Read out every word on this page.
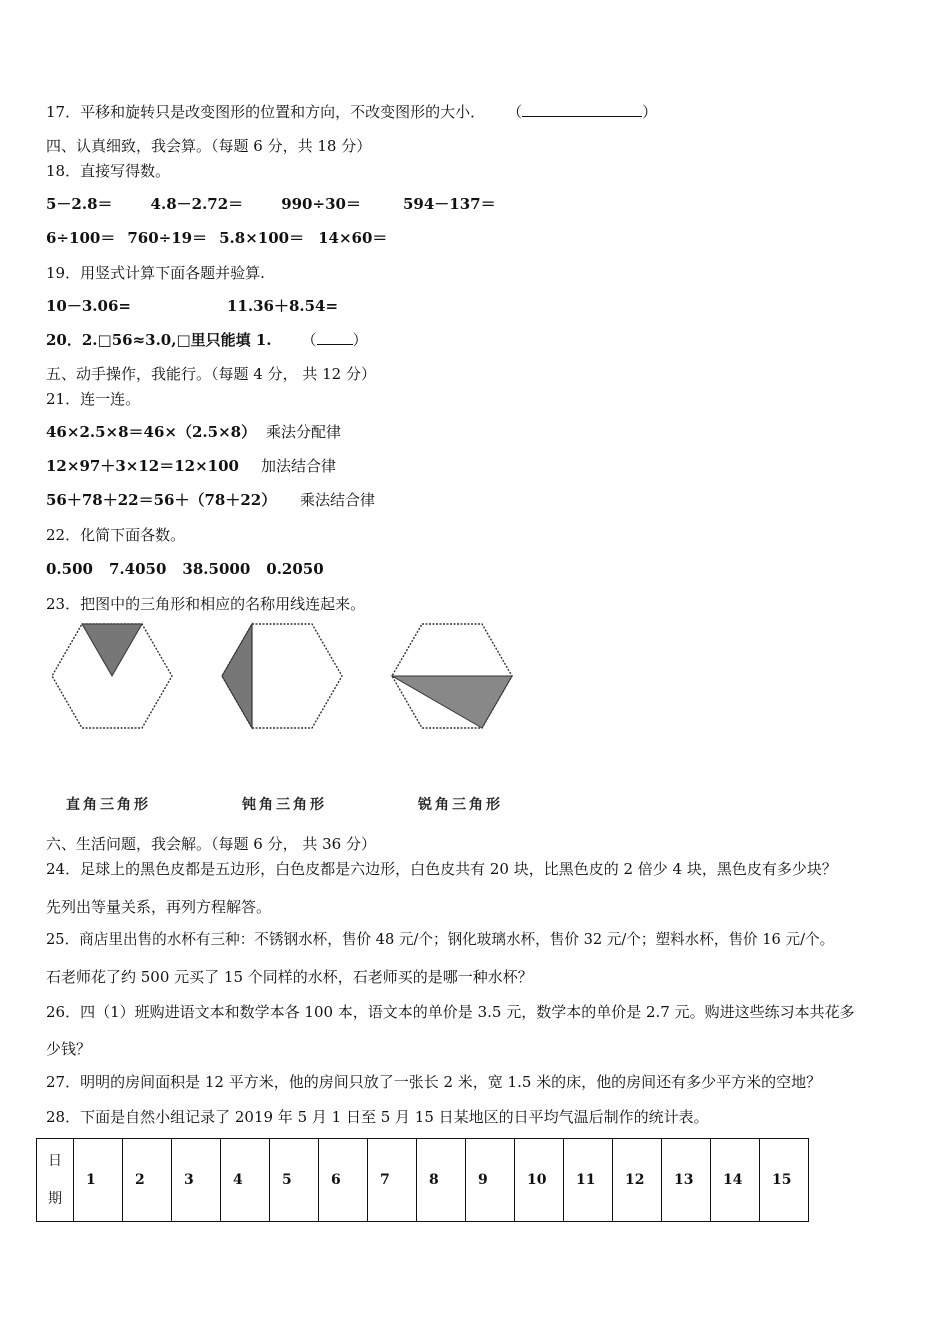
17．平移和旋转只是改变图形的位置和方向，不改变图形的大小． （	）
四、认真细致，我会算。（每题 6 分，共 18 分）
18．直接写得数。
5－2.8＝	4.8－2.72＝	990÷30＝	594－137＝
6÷100＝ 760÷19＝ 5.8×100＝ 14×60＝
19．用竖式计算下面各题并验算.
10－3.06=	11.36＋8.54=
20．2.□56≈3.0,□里只能填 1. （ ）
五、动手操作，我能行。（每题 4 分， 共 12 分）
21．连一连。
46×2.5×8＝46×（2.5×8） 乘法分配律
12×97＋3×12＝12×100 加法结合律
56＋78＋22＝56＋（78＋22） 乘法结合律
22．化简下面各数。
0.500 7.4050 38.5000 0.2050
23．把图中的三角形和相应的名称用线连起来。
直角三角形	钝角三角形	锐角三角形
六、生活问题，我会解。（每题 6 分， 共 36 分）
24．足球上的黑色皮都是五边形，白色皮都是六边形，白色皮共有 20 块，比黑色皮的 2 倍少 4 块，黑色皮有多少块？
先列出等量关系，再列方程解答。
25．商店里出售的水杯有三种：不锈钢水杯，售价 48 元/个；钢化玻璃水杯，售价 32 元/个；塑料水杯，售价 16 元/个。
石老师花了约 500 元买了 15 个同样的水杯，石老师买的是哪一种水杯？
26．四（1）班购进语文本和数学本各 100 本，语文本的单价是 3.5 元，数学本的单价是 2.7 元。购进这些练习本共花多
少钱？
27．明明的房间面积是 12 平方米，他的房间只放了一张长 2 米，宽 1.5 米的床，他的房间还有多少平方米的空地？
28．下面是自然小组记录了 2019 年 5 月 1 日至 5 月 15 日某地区的日平均气温后制作的统计表。
日
期	1	2	3	4	5	6	7	8	9	10	11	12	13	14	15
